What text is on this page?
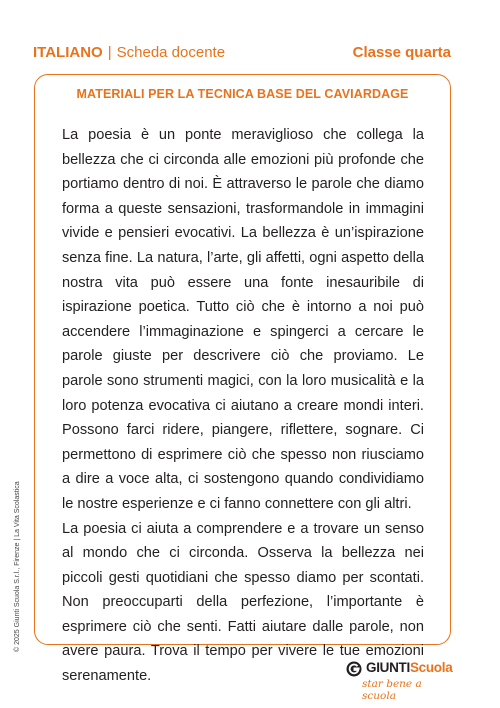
ITALIANO | Scheda docente	Classe quarta
MATERIALI PER LA TECNICA BASE DEL CAVIARDAGE

La poesia è un ponte meraviglioso che collega la bellezza che ci circonda alle emozioni più profonde che portiamo dentro di noi. È attraverso le parole che diamo forma a queste sensazioni, trasformandole in immagini vivide e pensieri evocativi. La bellezza è un’ispirazione senza fine. La natura, l’arte, gli affetti, ogni aspetto della nostra vita può essere una fonte inesauribile di ispirazione poetica. Tutto ciò che è intorno a noi può accendere l’immaginazione e spingerci a cercare le parole giuste per descrivere ciò che proviamo. Le parole sono strumenti magici, con la loro musicalità e la loro potenza evocativa ci aiutano a creare mondi interi. Possono farci ridere, piangere, riflettere, sognare. Ci permettono di esprimere ciò che spesso non riusciamo a dire a voce alta, ci sostengono quando condividiamo le nostre esperienze e ci fanno connettere con gli altri.

La poesia ci aiuta a comprendere e a trovare un senso al mondo che ci circonda. Osserva la bellezza nei piccoli gesti quotidiani che spesso diamo per scontati. Non preoccuparti della perfezione, l’importante è esprimere ciò che senti. Fatti aiutare dalle parole, non avere paura. Trova il tempo per vivere le tue emozioni serenamente.

© 2025 Giunti Scuola S.r.l., Firenze | La Vita Scolastica
GIUNTIScuola
star bene a scuola
